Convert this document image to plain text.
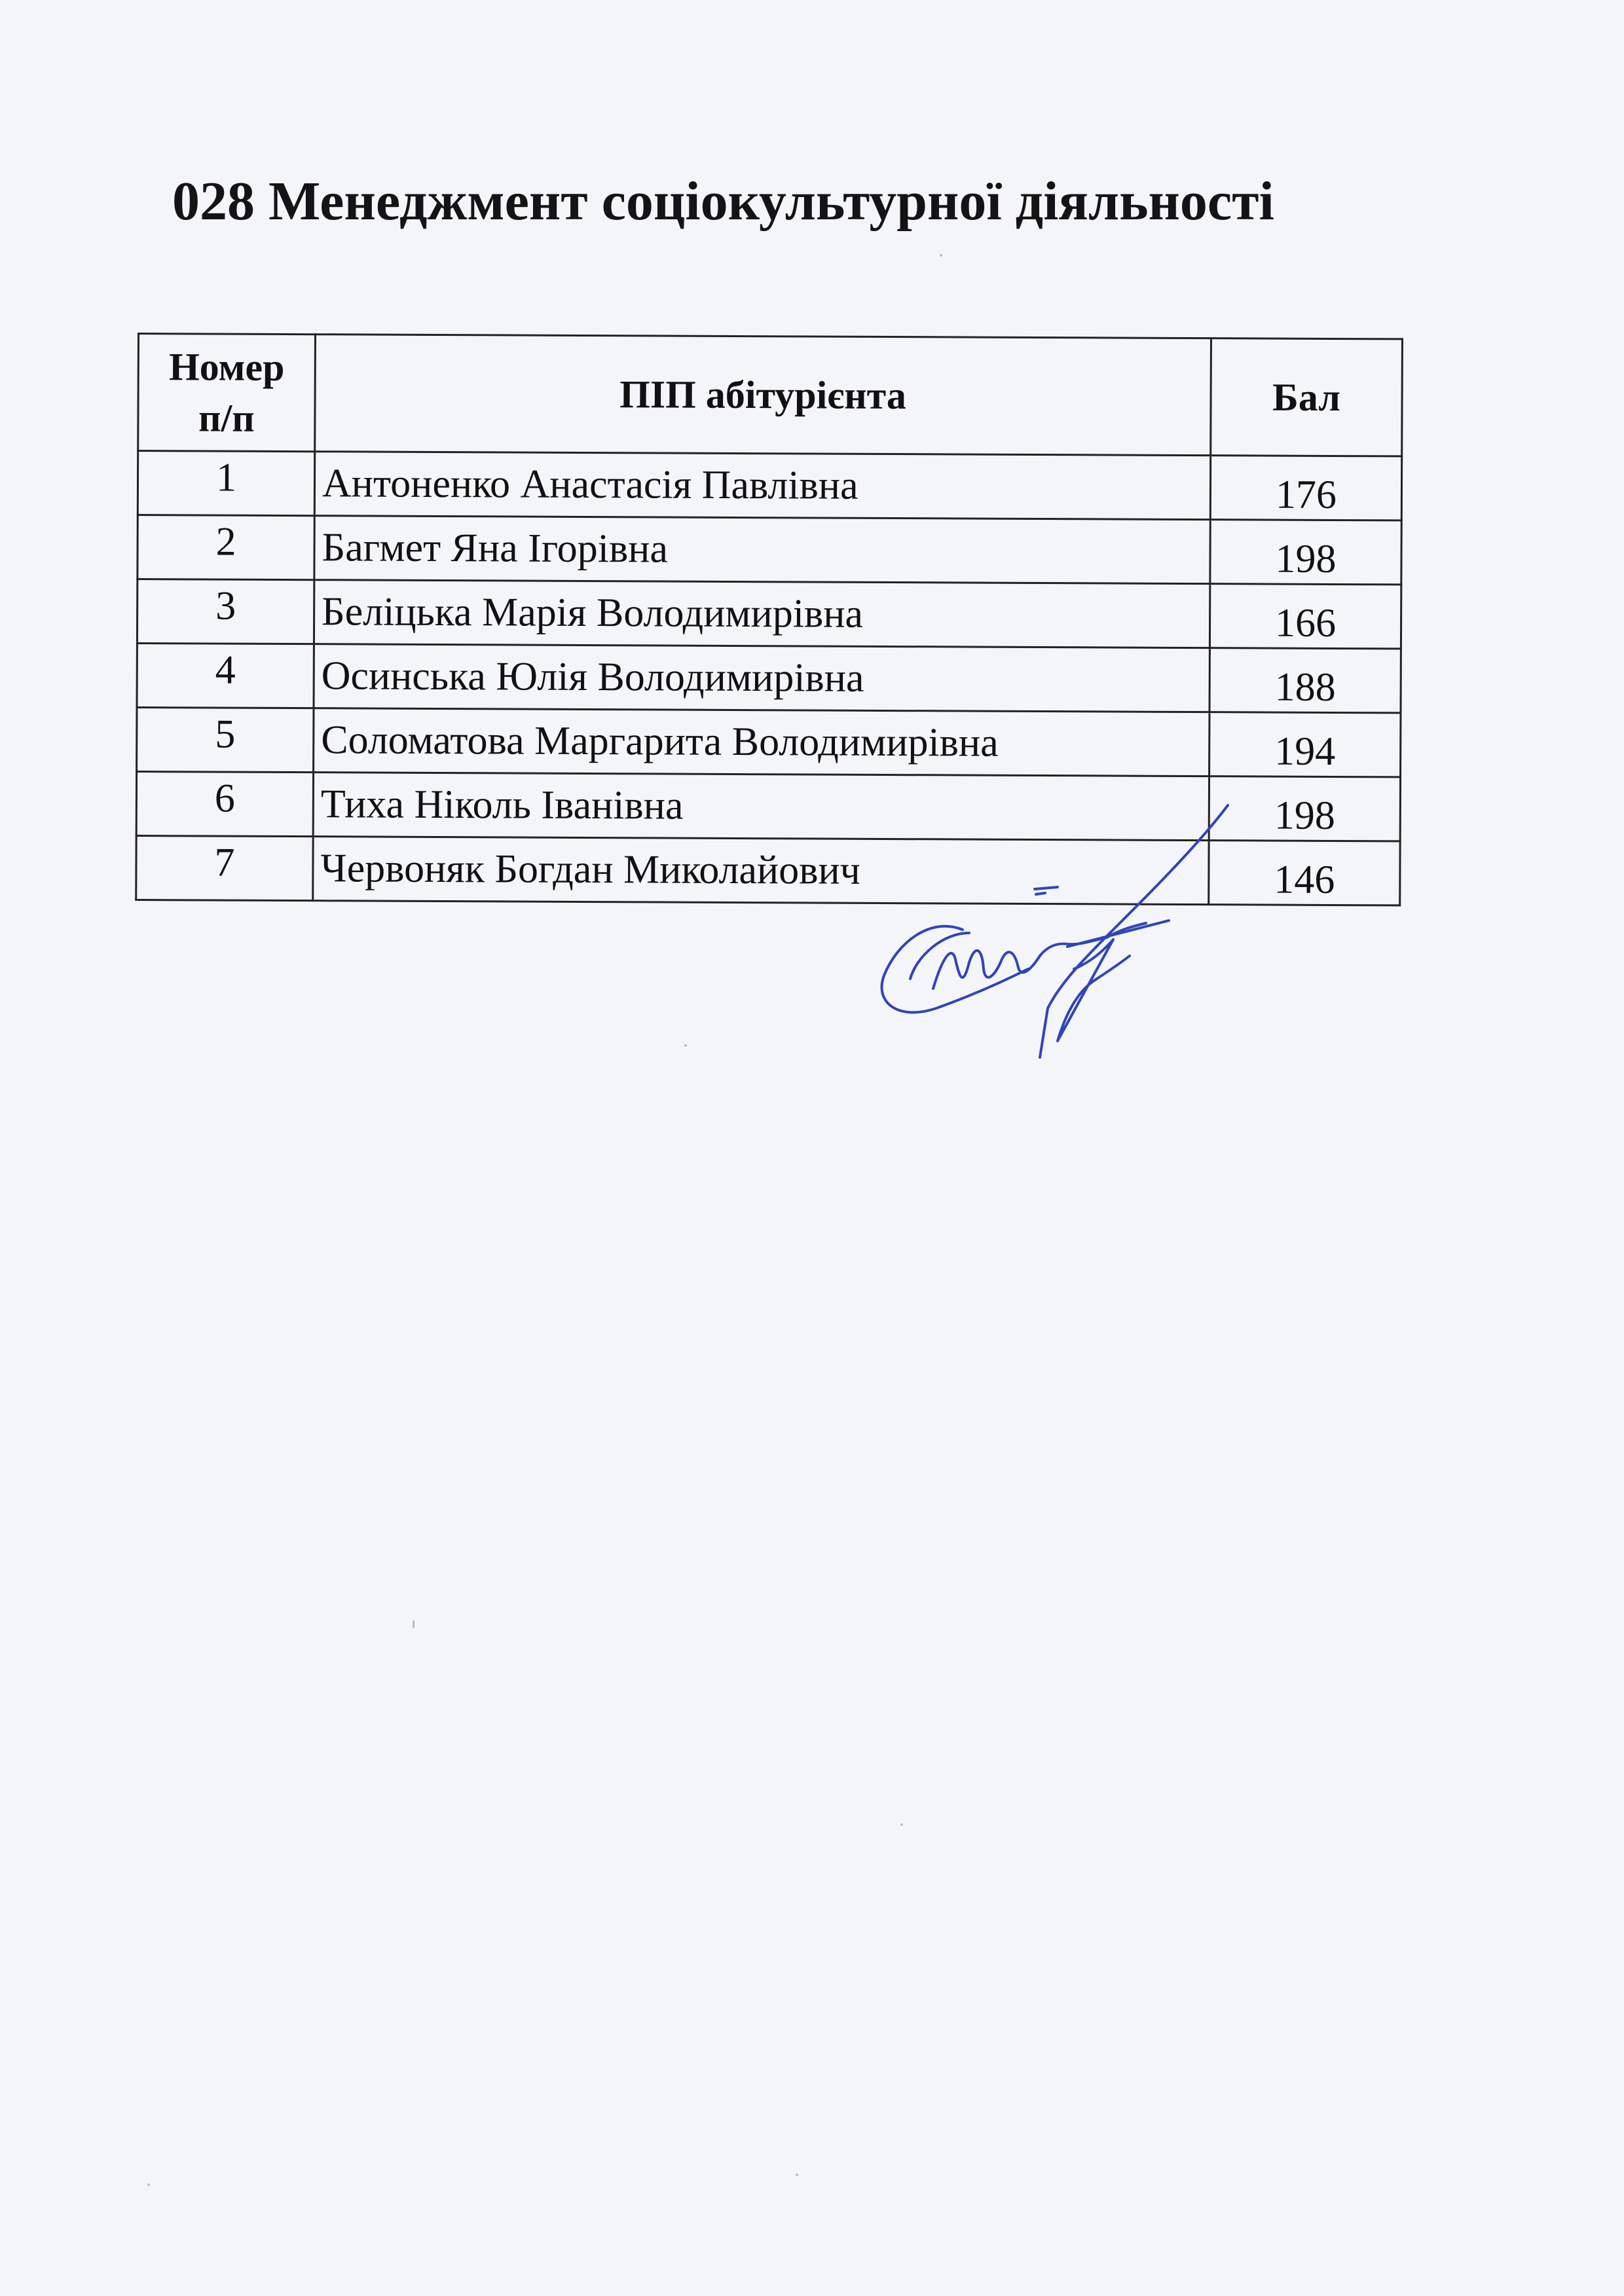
028 Менеджмент соціокультурної діяльності
Номер
п/п	ПІП абітурієнта	Бал
1	Антоненко Анастасія Павлівна	176
2	Багмет Яна Ігорівна	198
3	Беліцька Марія Володимирівна	166
4	Осинська Юлія Володимирівна	188
5	Соломатова Маргарита Володимирівна	194
6	Тиха Ніколь Іванівна	198
7	Червоняк Богдан Миколайович	146
